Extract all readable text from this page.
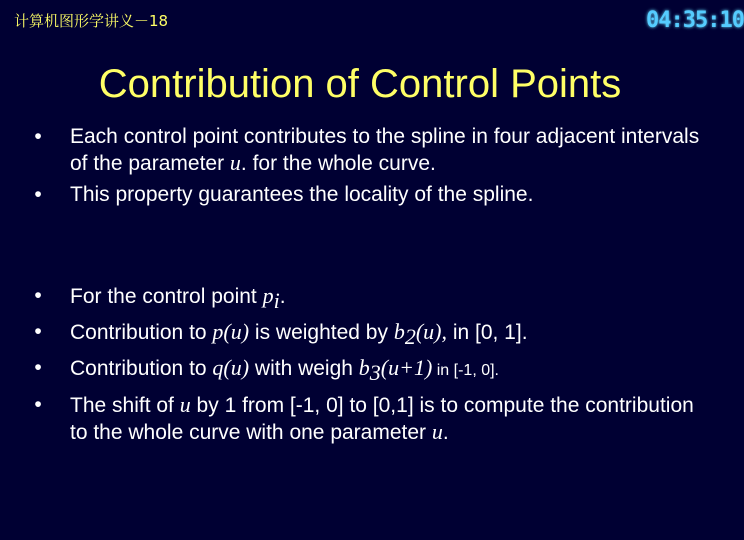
计算机图形学讲义－18	04:35:10
Contribution of Control Points
• Each control point contributes to the spline in four adjacent intervals of the parameter u. for the whole curve.
• This property guarantees the locality of the spline.
• For the control point $p_i$.
• Contribution to p(u) is weighted by $b_2(u)$, in [0, 1].
• Contribution to q(u) with weigh $b_3(u+1)$ in [-1, 0].
• The shift of u by 1 from [-1, 0] to [0,1] is to compute the contribution to the whole curve with one parameter u.
